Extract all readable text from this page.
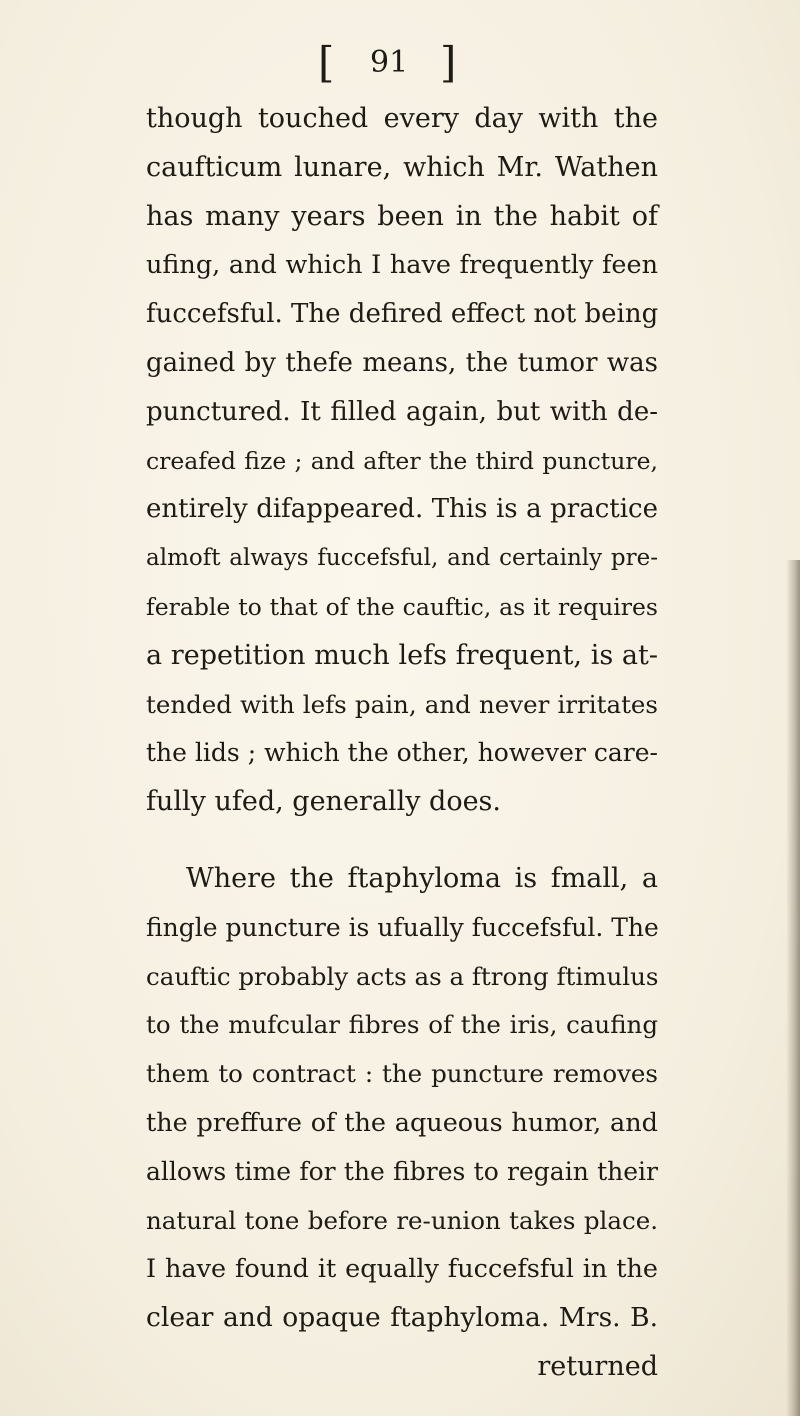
[ 91 ]
though touched every day with the
caufticum lunare, which Mr. Wathen
has many years been in the habit of
ufing, and which I have frequently feen
fuccefsful. The defired effect not being
gained by thefe means, the tumor was
punctured. It filled again, but with de-
creafed fize ; and after the third puncture,
entirely difappeared. This is a practice
almoft always fuccefsful, and certainly pre-
ferable to that of the cauftic, as it requires
a repetition much lefs frequent, is at-
tended with lefs pain, and never irritates
the lids ; which the other, however care-
fully ufed, generally does.
Where the ftaphyloma is fmall, a
fingle puncture is ufually fuccefsful. The
cauftic probably acts as a ftrong ftimulus
to the mufcular fibres of the iris, caufing
them to contract : the puncture removes
the preffure of the aqueous humor, and
allows time for the fibres to regain their
natural tone before re-union takes place.
I have found it equally fuccefsful in the
clear and opaque ftaphyloma. Mrs. B.
returned
